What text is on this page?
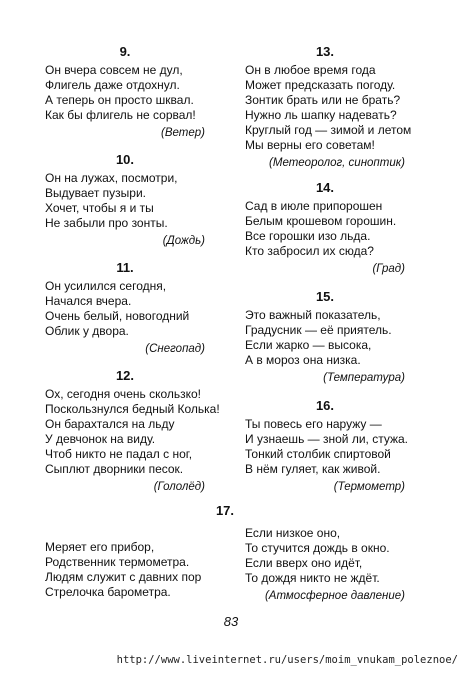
9.
Он вчера совсем не дул,
Флигель даже отдохнул.
А теперь он просто шквал.
Как бы флигель не сорвал!
(Ветер)
10.
Он на лужах, посмотри,
Выдувает пузыри.
Хочет, чтобы я и ты
Не забыли про зонты.
(Дождь)
11.
Он усилился сегодня,
Начался вчера.
Очень белый, новогодний
Облик у двора.
(Снегопад)
12.
Ох, сегодня очень скользко!
Поскользнулся бедный Колька!
Он барахтался на льду
У девчонок на виду.
Чтоб никто не падал с ног,
Сыплют дворники песок.
(Гололёд)
13.
Он в любое время года
Может предсказать погоду.
Зонтик брать или не брать?
Нужно ль шапку надевать?
Круглый год — зимой и летом
Мы верны его советам!
(Метеоролог, синоптик)
14.
Сад в июле припорошен
Белым крошевом горошин.
Все горошки изо льда.
Кто забросил их сюда?
(Град)
15.
Это важный показатель,
Градусник — её приятель.
Если жарко — высока,
А в мороз она низка.
(Температура)
16.
Ты повесь его наружу —
И узнаешь — зной ли, стужа.
Тонкий столбик спиртовой
В нём гуляет, как живой.
(Термометр)
17.
Меряет его прибор,
Родственник термометра.
Людям служит с давних пор
Стрелочка барометра.
Если низкое оно,
То стучится дождь в окно.
Если вверх оно идёт,
То дождя никто не ждёт.
(Атмосферное давление)
83
http://www.liveinternet.ru/users/moim_vnukam_poleznoe/
